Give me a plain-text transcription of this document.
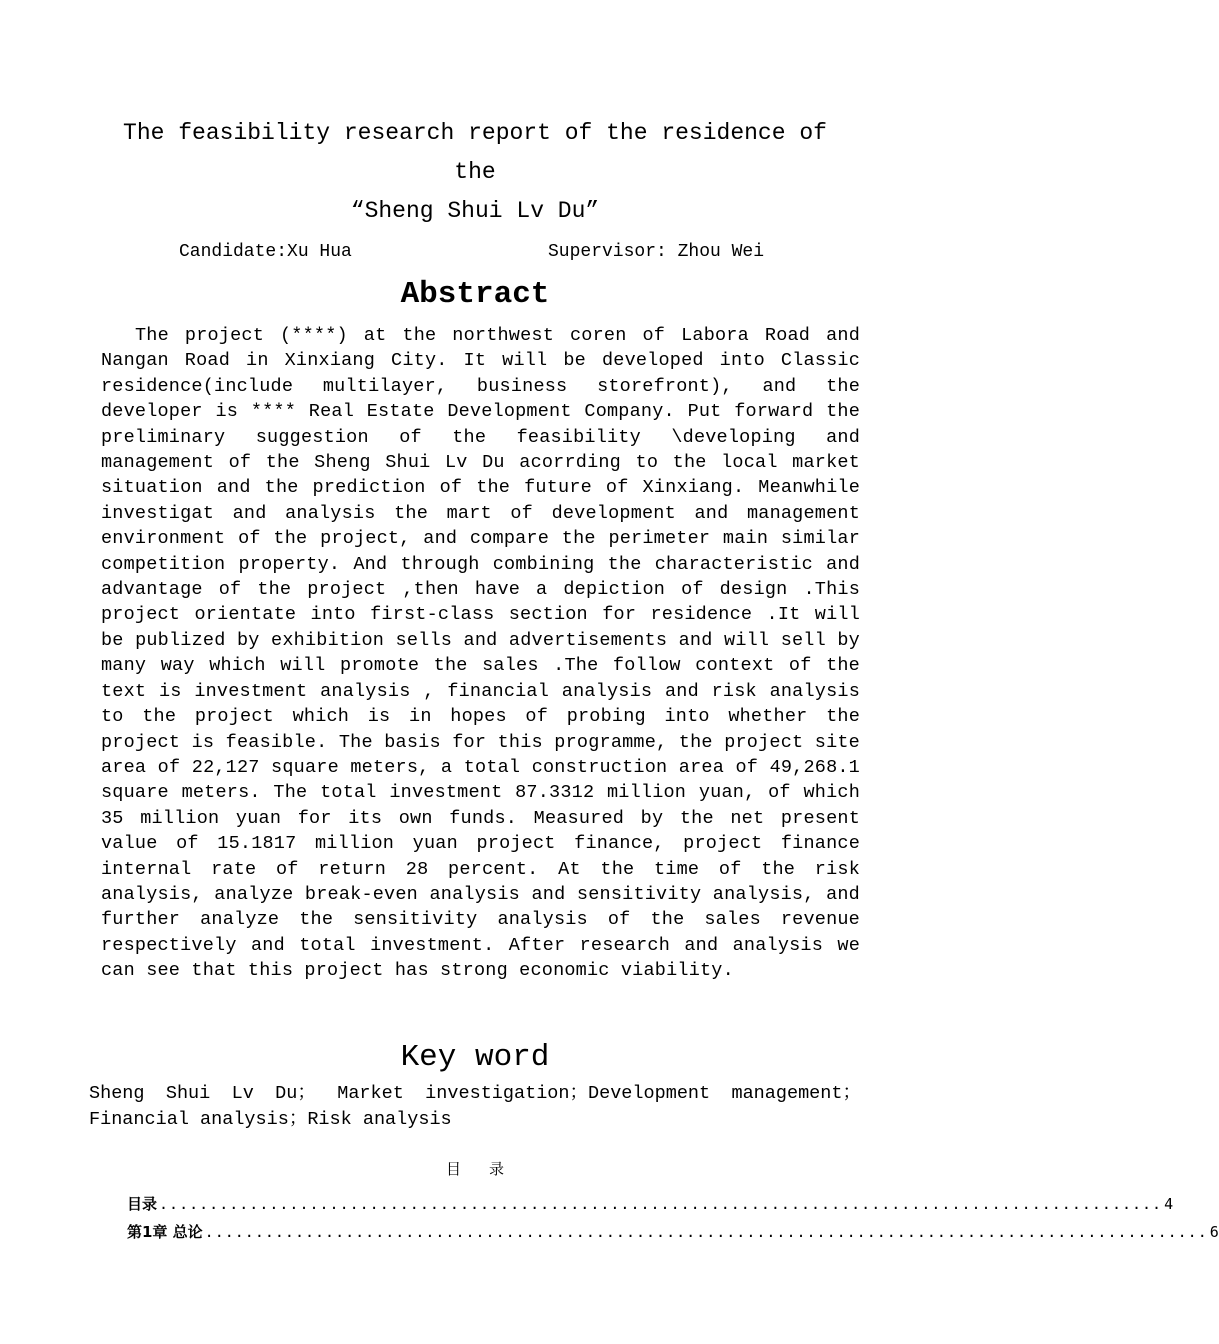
The feasibility research report of the residence of
the
“Sheng Shui Lv Du”
Candidate:Xu Hua	Supervisor: Zhou Wei
Abstract

The project (****) at the northwest coren of Labora Road and Nangan Road in Xinxiang City. It will be developed into Classic residence(include multilayer, business storefront), and the developer is **** Real Estate Development Company. Put forward the preliminary suggestion of the feasibility \developing and management of the Sheng Shui Lv Du acorrding to the local market situation and the prediction of the future of Xinxiang. Meanwhile investigat and analysis the mart of development and management environment of the project, and compare the perimeter main similar competition property. And through combining the characteristic and advantage of the project ,then have a depiction of design .This project orientate into first-class section for residence .It will be publized by exhibition sells and advertisements and will sell by many way which will promote the sales .The follow context of the text is investment analysis , financial analysis and risk analysis to the project which is in hopes of probing into whether the project is feasible. The basis for this programme, the project site area of 22,127 square meters, a total construction area of 49,268.1 square meters. The total investment 87.3312 million yuan, of which 35 million yuan for its own funds. Measured by the net present value of 15.1817 million yuan project finance, project finance internal rate of return 28 percent. At the time of the risk analysis, analyze break-even analysis and sensitivity analysis, and further analyze the sensitivity analysis of the sales revenue respectively and total investment. After research and analysis we can see that this project has strong economic viability.

Key word

Sheng Shui Lv Du； Market investigation；Development management；Financial analysis；Risk analysis

目录
目录 .................................................................................................... 4
第1章 总论 .................................................................................................... 6
